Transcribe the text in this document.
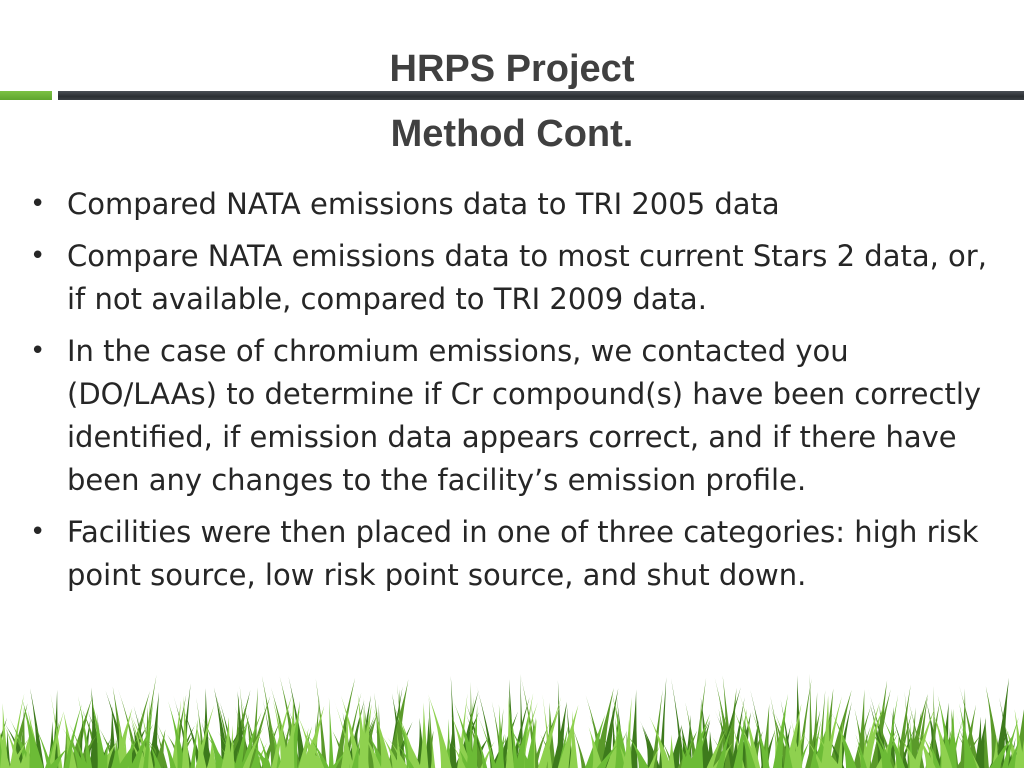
HRPS Project
Method Cont.
• Compared NATA emissions data to TRI 2005 data
• Compare NATA emissions data to most current Stars 2 data, or, if not available, compared to TRI 2009 data.
• In the case of chromium emissions, we contacted you (DO/LAAs) to determine if Cr compound(s) have been correctly identified, if emission data appears correct, and if there have been any changes to the facility’s emission profile.
• Facilities were then placed in one of three categories: high risk point source, low risk point source, and shut down.
